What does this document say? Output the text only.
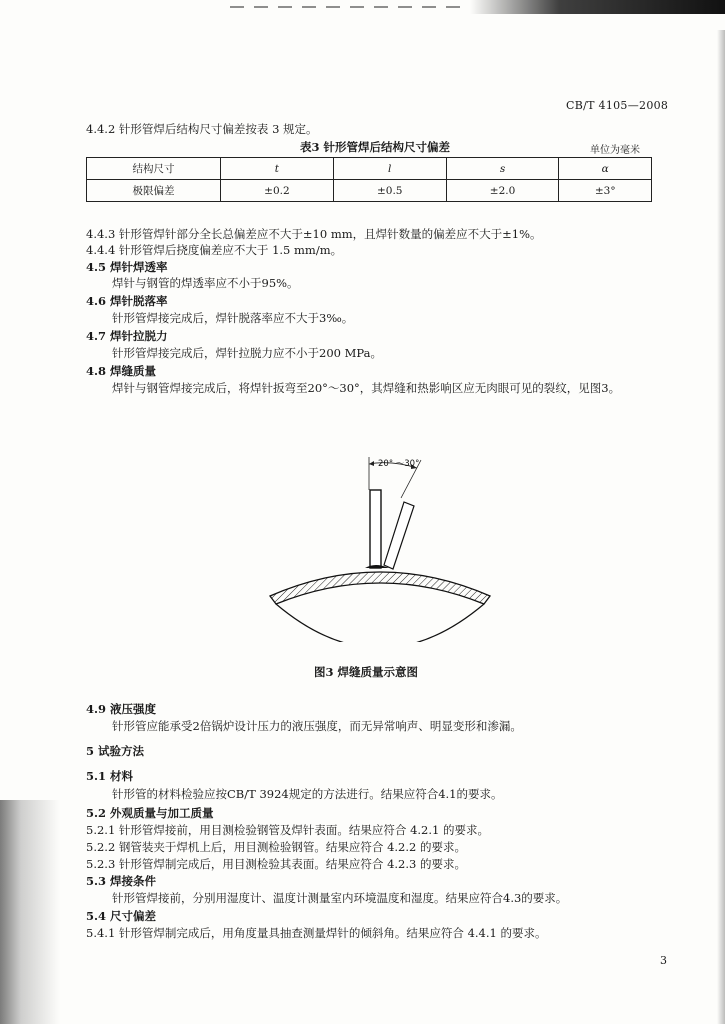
CB/T 4105—2008
4.4.2 针形管焊后结构尺寸偏差按表 3 规定。
表3 针形管焊后结构尺寸偏差	单位为毫米
结构尺寸	t	l	s	α
极限偏差	±0.2	±0.5	±2.0	±3°
4.4.3 针形管焊针部分全长总偏差应不大于±10 mm，且焊针数量的偏差应不大于±1%。
4.4.4 针形管焊后挠度偏差应不大于 1.5 mm/m。
4.5 焊针焊透率
焊针与钢管的焊透率应不小于95%。
4.6 焊针脱落率
针形管焊接完成后，焊针脱落率应不大于3‰。
4.7 焊针拉脱力
针形管焊接完成后，焊针拉脱力应不小于200 MPa。
4.8 焊缝质量
焊针与钢管焊接完成后，将焊针扳弯至20°～30°，其焊缝和热影响区应无肉眼可见的裂纹，见图3。
20° ～30°
图3 焊缝质量示意图
4.9 液压强度
针形管应能承受2倍锅炉设计压力的液压强度，而无异常响声、明显变形和渗漏。
5 试验方法
5.1 材料
针形管的材料检验应按CB/T 3924规定的方法进行。结果应符合4.1的要求。
5.2 外观质量与加工质量
5.2.1 针形管焊接前，用目测检验钢管及焊针表面。结果应符合 4.2.1 的要求。
5.2.2 钢管装夹于焊机上后，用目测检验钢管。结果应符合 4.2.2 的要求。
5.2.3 针形管焊制完成后，用目测检验其表面。结果应符合 4.2.3 的要求。
5.3 焊接条件
针形管焊接前，分别用湿度计、温度计测量室内环境温度和湿度。结果应符合4.3的要求。
5.4 尺寸偏差
5.4.1 针形管焊制完成后，用角度量具抽查测量焊针的倾斜角。结果应符合 4.4.1 的要求。
3
